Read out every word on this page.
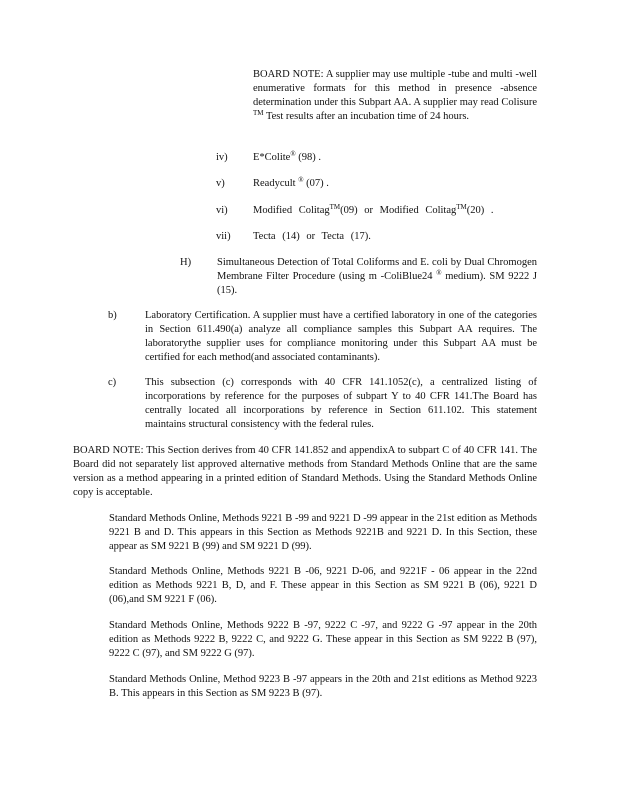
BOARD NOTE: A supplier may use multiple -tube and multi -well enumerative formats for this method in presence -absence determination under this Subpart AA. A supplier may read Colisure ™ Test results after an incubation time of 24 hours.

iv) E*Colite® (98) .

v)	Readycult ® (07) .

vi) Modified Colitag™(09) or Modified Colitag™(20) .

vii) Tecta (14) or Tecta (17).

H) Simultaneous Detection of Total Coliforms and E. coli by Dual Chromogen Membrane Filter Procedure (using m -ColiBlue24 ® medium). SM 9222 J (15).

b)	Laboratory Certification. A supplier must have a certified laboratory in one of the categories in Section 611.490(a) analyze all compliance samples this Subpart AA requires. The laboratorythe supplier uses for compliance monitoring under this Subpart AA must be certified for each method(and associated contaminants).

c)	This subsection (c) corresponds with 40 CFR 141.1052(c), a centralized listing of incorporations by reference for the purposes of subpart Y to 40 CFR 141.The Board has centrally located all incorporations by reference in Section 611.102. This statement maintains structural consistency with the federal rules.

BOARD NOTE: This Section derives from 40 CFR 141.852 and appendixA to subpart C of 40 CFR 141. The Board did not separately list approved alternative methods from Standard Methods Online that are the same version as a method appearing in a printed edition of Standard Methods. Using the Standard Methods Online copy is acceptable.

Standard Methods Online, Methods 9221 B -99 and 9221 D -99 appear in the 21st edition as Methods 9221 B and D. This appears in this Section as Methods 9221B and 9221 D. In this Section, these appear as SM 9221 B (99) and SM 9221 D (99).

Standard Methods Online, Methods 9221 B -06, 9221 D-06, and 9221F - 06 appear in the 22nd edition as Methods 9221 B, D, and F. These appear in this Section as SM 9221 B (06), 9221 D (06),and SM 9221 F (06).

Standard Methods Online, Methods 9222 B -97, 9222 C -97, and 9222 G -97 appear in the 20th edition as Methods 9222 B, 9222 C, and 9222 G. These appear in this Section as SM 9222 B (97), 9222 C (97), and SM 9222 G (97).

Standard Methods Online, Method 9223 B -97 appears in the 20th and 21st editions as Method 9223 B. This appears in this Section as SM 9223 B (97).
